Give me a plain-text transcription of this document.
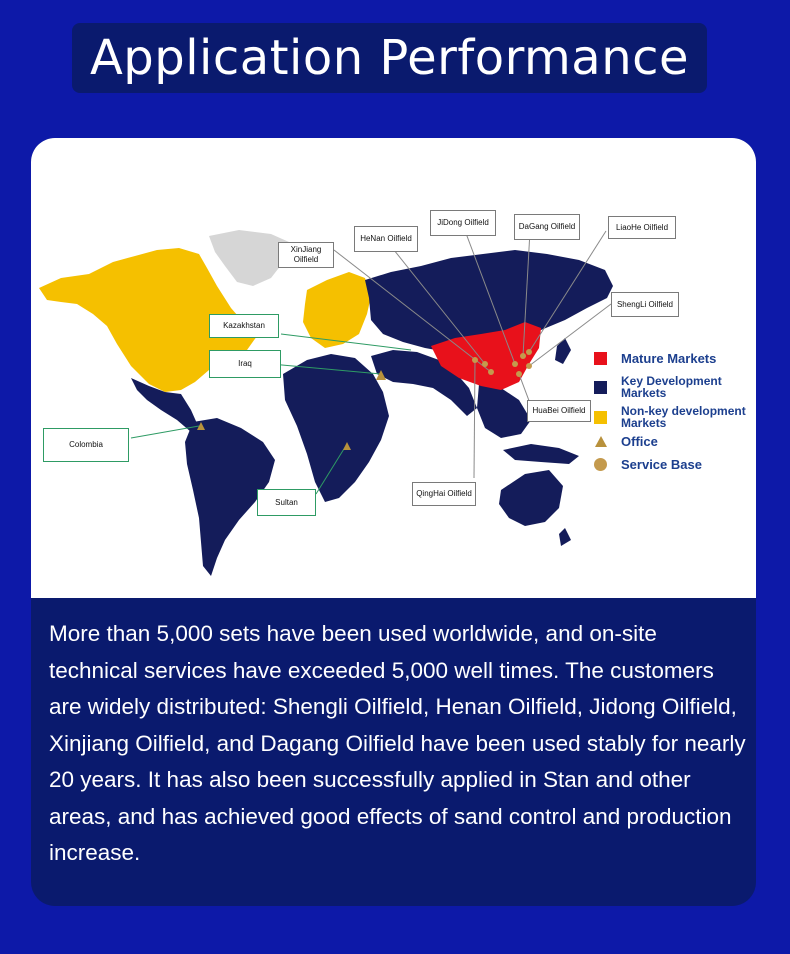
Application Performance
XinJiang Oilfield
HeNan Oilfield
JiDong Oilfield	DaGang Oilfield	LiaoHe Oilfield
ShengLi Oilfield
HuaBei Oilfield
QingHai Oilfield
Kazakhstan
Iraq
Colombia
Sultan
Mature Markets
Key Development Markets
Non-key development Markets
Office
Service Base

More than 5,000 sets have been used worldwide, and on-site technical services have exceeded 5,000 well times. The customers are widely distributed: Shengli Oilfield, Henan Oilfield, Jidong Oilfield, Xinjiang Oilfield, and Dagang Oilfield have been used stably for nearly 20 years. It has also been successfully applied in Stan and other areas, and has achieved good effects of sand control and production increase.
